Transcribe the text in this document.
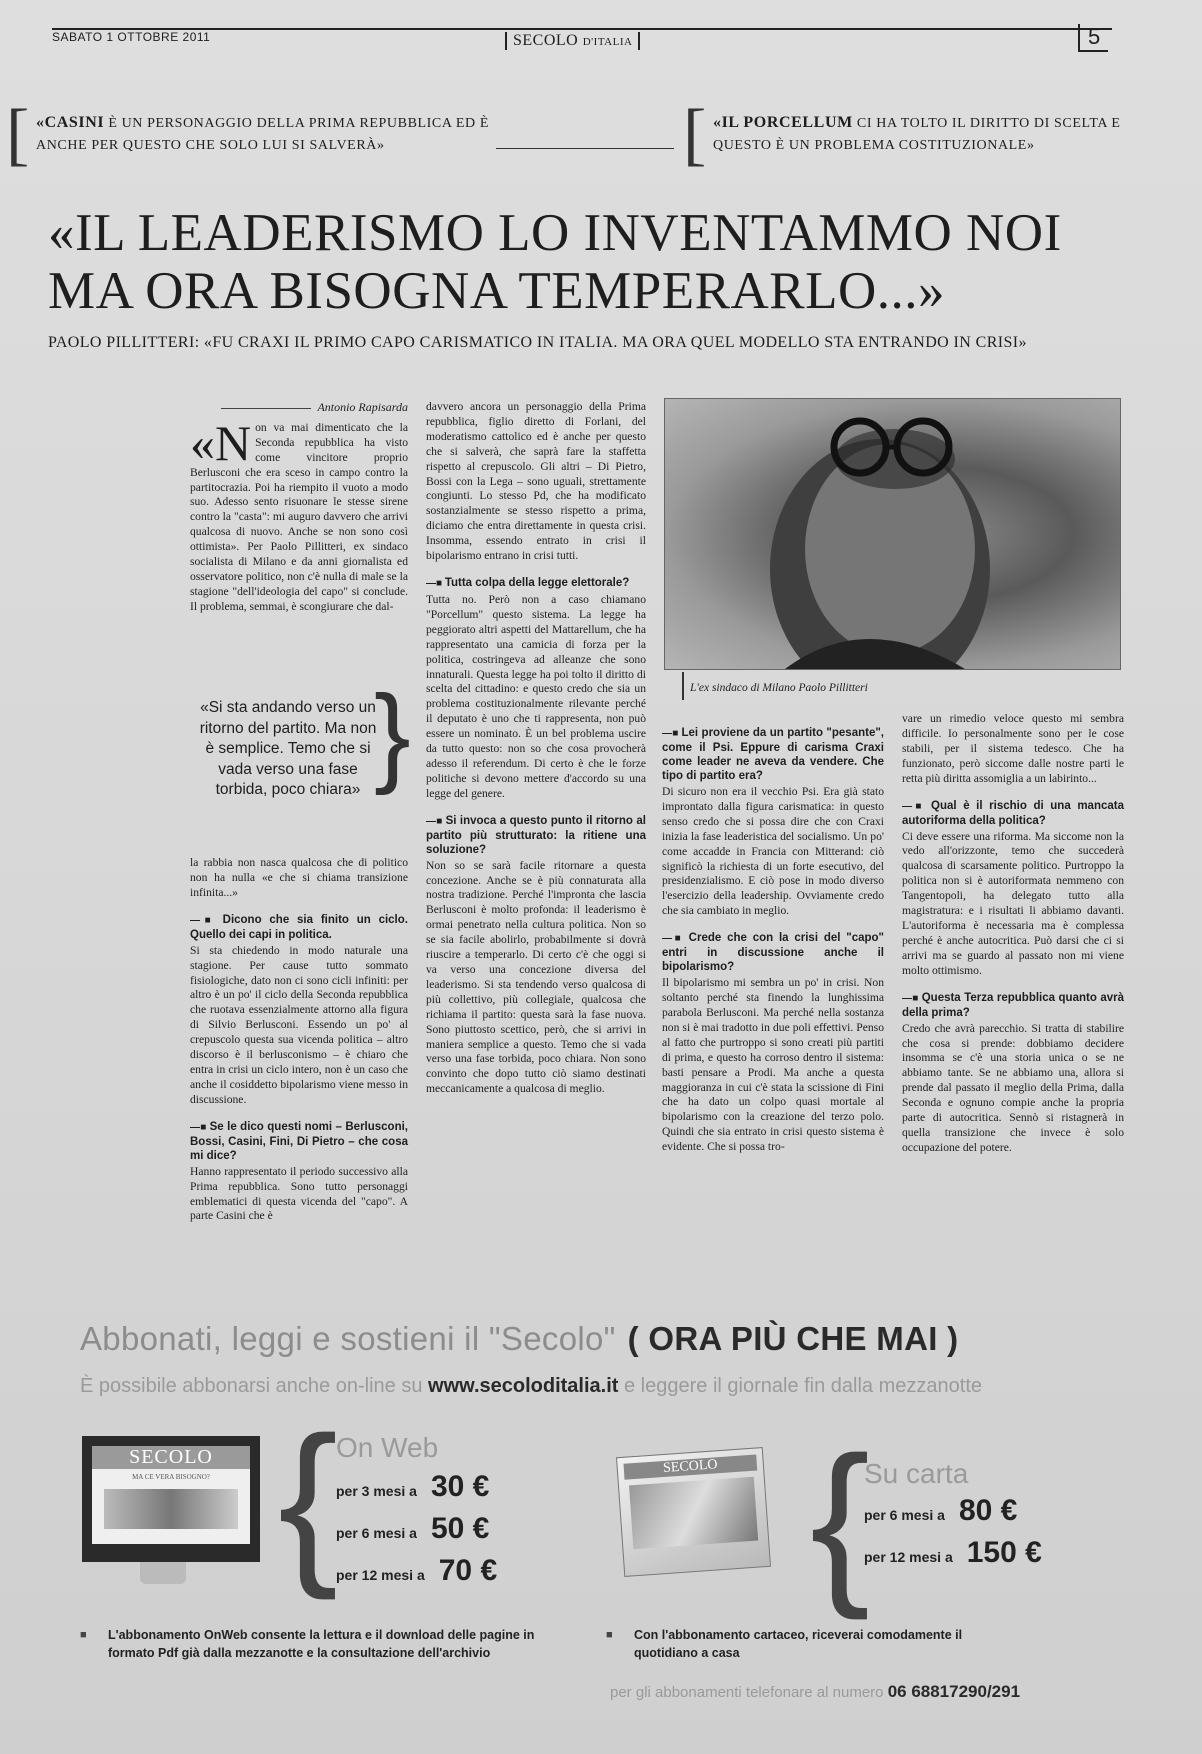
SABATO 1 OTTOBRE 2011	SECOLO D'ITALIA	5
[ «CASINI È UN PERSONAGGIO DELLA PRIMA REPUBBLICA ED È ANCHE PER QUESTO CHE SOLO LUI SI SALVERÀ»	[ «IL PORCELLUM CI HA TOLTO IL DIRITTO DI SCELTA E QUESTO È UN PROBLEMA COSTITUZIONALE»
«IL LEADERISMO LO INVENTAMMO NOI
MA ORA BISOGNA TEMPERARLO...»
PAOLO PILLITTERI: «FU CRAXI IL PRIMO CAPO CARISMATICO IN ITALIA. MA ORA QUEL MODELLO STA ENTRANDO IN CRISI»

Antonio Rapisarda

«Non va mai dimenticato che la Seconda repubblica ha visto come vincitore proprio Berlusconi che era sceso in campo contro la partitocrazia. Poi ha riempito il vuoto a modo suo. Adesso sento risuonare le stesse sirene contro la "casta": mi auguro davvero che arrivi qualcosa di nuovo. Anche se non sono così ottimista». Per Paolo Pillitteri, ex sindaco socialista di Milano e da anni giornalista ed osservatore politico, non c'è nulla di male se la stagione "dell'ideologia del capo" si conclude. Il problema, semmai, è scongiurare che dal-

«Si sta andando verso un ritorno del partito. Ma non è semplice. Temo che si vada verso una fase torbida, poco chiara» }

la rabbia non nasca qualcosa che di politico non ha nulla «e che si chiama transizione infinita...»

—■ Dicono che sia finito un ciclo. Quello dei capi in politica.

Si sta chiedendo in modo naturale una stagione. Per cause tutto sommato fisiologiche, dato non ci sono cicli infiniti: per altro è un po' il ciclo della Seconda repubblica che ruotava essenzialmente attorno alla figura di Silvio Berlusconi. Essendo un po' al crepuscolo questa sua vicenda politica – altro discorso è il berlusconismo – è chiaro che entra in crisi un ciclo intero, non è un caso che anche il cosiddetto bipolarismo viene messo in discussione.

—■ Se le dico questi nomi – Berlusconi, Bossi, Casini, Fini, Di Pietro – che cosa mi dice?

Hanno rappresentato il periodo successivo alla Prima repubblica. Sono tutto personaggi emblematici di questa vicenda del "capo". A parte Casini che è

davvero ancora un personaggio della Prima repubblica, figlio diretto di Forlani, del moderatismo cattolico ed è anche per questo che si salverà, che saprà fare la staffetta rispetto al crepuscolo. Gli altri – Di Pietro, Bossi con la Lega – sono uguali, strettamente congiunti. Lo stesso Pd, che ha modificato sostanzialmente se stesso rispetto a prima, diciamo che entra direttamente in questa crisi. Insomma, essendo entrato in crisi il bipolarismo entrano in crisi tutti.

—■ Tutta colpa della legge elettorale?

Tutta no. Però non a caso chiamano "Porcellum" questo sistema. La legge ha peggiorato altri aspetti del Mattarellum, che ha rappresentato una camicia di forza per la politica, costringeva ad alleanze che sono innaturali. Questa legge ha poi tolto il diritto di scelta del cittadino: e questo credo che sia un problema costituzionalmente rilevante perché il deputato è uno che ti rappresenta, non può essere un nominato. È un bel problema uscire da tutto questo: non so che cosa provocherà adesso il referendum. Di certo è che le forze politiche si devono mettere d'accordo su una legge del genere.

—■ Si invoca a questo punto il ritorno al partito più strutturato: la ritiene una soluzione?

Non so se sarà facile ritornare a questa concezione. Anche se è più connaturata alla nostra tradizione. Perché l'impronta che lascia Berlusconi è molto profonda: il leaderismo è ormai penetrato nella cultura politica. Non so se sia facile abolirlo, probabilmente si dovrà riuscire a temperarlo. Di certo c'è che oggi si va verso una concezione diversa del leaderismo. Si sta tendendo verso qualcosa di più collettivo, più collegiale, qualcosa che richiama il partito: questa sarà la fase nuova. Sono piuttosto scettico, però, che si arrivi in maniera semplice a questo. Temo che si vada verso una fase torbida, poco chiara. Non sono convinto che dopo tutto ciò siamo destinati meccanicamente a qualcosa di meglio.

L'ex sindaco di Milano Paolo Pillitteri

—■ Lei proviene da un partito "pesante", come il Psi. Eppure di carisma Craxi come leader ne aveva da vendere. Che tipo di partito era?

Di sicuro non era il vecchio Psi. Era già stato improntato dalla figura carismatica: in questo senso credo che si possa dire che con Craxi inizia la fase leaderistica del socialismo. Un po' come accadde in Francia con Mitterand: ciò significò la richiesta di un forte esecutivo, del presidenzialismo. E ciò pose in modo diverso l'esercizio della leadership. Ovviamente credo che sia cambiato in meglio.

—■ Crede che con la crisi del "capo" entri in discussione anche il bipolarismo?

Il bipolarismo mi sembra un po' in crisi. Non soltanto perché sta finendo la lunghissima parabola Berlusconi. Ma perché nella sostanza non si è mai tradotto in due poli effettivi. Penso al fatto che purtroppo si sono creati più partiti di prima, e questo ha corroso dentro il sistema: basti pensare a Prodi. Ma anche a questa maggioranza in cui c'è stata la scissione di Fini che ha dato un colpo quasi mortale al bipolarismo con la creazione del terzo polo. Quindi che sia entrato in crisi questo sistema è evidente. Che si possa tro-

vare un rimedio veloce questo mi sembra difficile. Io personalmente sono per le cose stabili, per il sistema tedesco. Che ha funzionato, però siccome dalle nostre parti le retta più diritta assomiglia a un labirinto...

—■ Qual è il rischio di una mancata autoriforma della politica?

Ci deve essere una riforma. Ma siccome non la vedo all'orizzonte, temo che succederà qualcosa di scarsamente politico. Purtroppo la politica non si è autoriformata nemmeno con Tangentopoli, ha delegato tutto alla magistratura: e i risultati li abbiamo davanti. L'autoriforma è necessaria ma è complessa perché è anche autocritica. Può darsi che ci si arrivi ma se guardo al passato non mi viene molto ottimismo.

—■ Questa Terza repubblica quanto avrà della prima?

Credo che avrà parecchio. Si tratta di stabilire che cosa si prende: dobbiamo decidere insomma se c'è una storia unica o se ne abbiamo tante. Se ne abbiamo una, allora si prende dal passato il meglio della Prima, dalla Seconda e ognuno compie anche la propria parte di autocritica. Sennò si ristagnerà in quella transizione che invece è solo occupazione del potere.

Abbonati, leggi e sostieni il "Secolo" ( ORA PIÙ CHE MAI )
È possibile abbonarsi anche on-line su www.secoloditalia.it e leggere il giornale fin dalla mezzanotte
SECOLO
MA CE VERA BISOGNO? {
On Web
per 3 mesi a 30 €
per 6 mesi a 50 €
per 12 mesi a 70 €
SECOLO {
Su carta
per 6 mesi a 80 €
per 12 mesi a 150 €
■ L'abbonamento OnWeb consente la lettura e il download delle pagine in formato Pdf già dalla mezzanotte e la consultazione dell'archivio
■ Con l'abbonamento cartaceo, riceverai comodamente il quotidiano a casa
per gli abbonamenti telefonare al numero 06 68817290/291
